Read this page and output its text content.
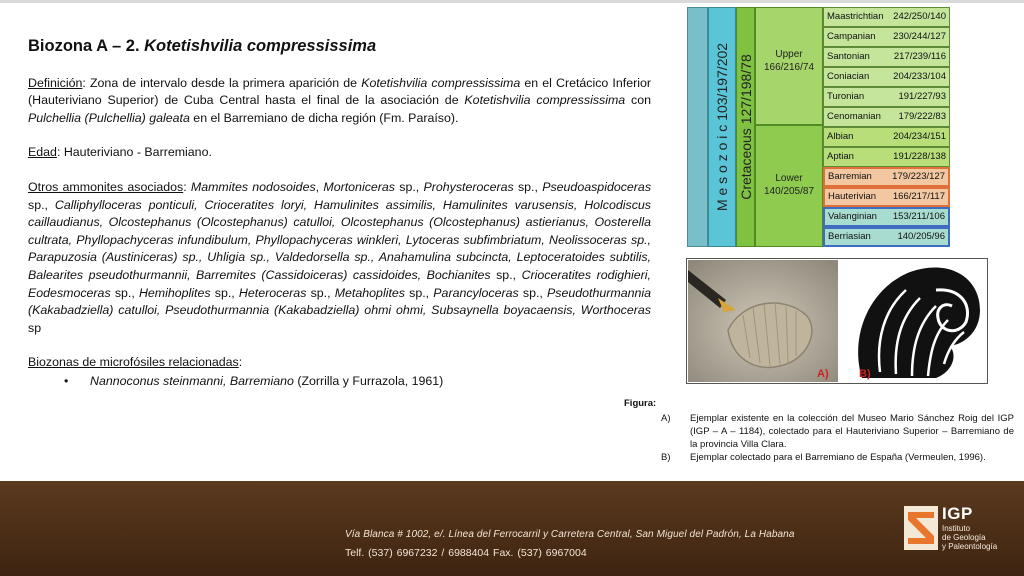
Biozona A – 2. Kotetishvilia compressissima

Definición: Zona de intervalo desde la primera aparición de Kotetishvilia compressissima en el Cretácico Inferior (Hauteriviano Superior) de Cuba Central hasta el final de la asociación de Kotetishvilia compressissima con Pulchellia (Pulchellia) galeata en el Barremiano de dicha región (Fm. Paraíso).

Edad: Hauteriviano - Barremiano.

Otros ammonites asociados: Mammites nodosoides, Mortoniceras sp., Prohysteroceras sp., Pseudoaspidoceras sp., Calliphylloceras ponticuli, Crioceratites loryi, Hamulinites assimilis, Hamulinites varusensis, Holcodiscus caillaudianus, Olcostephanus (Olcostephanus) catulloi, Olcostephanus (Olcostephanus) astierianus, Oosterella cultrata, Phyllopachyceras infundibulum, Phyllopachyceras winkleri, Lytoceras subfimbriatum, Neolissoceras sp., Parapuzosia (Austiniceras) sp., Uhligia sp., Valdedorsella sp., Anahamulina subcincta, Leptoceratoides subtilis, Balearites pseudothurmannii, Barremites (Cassidoiceras) cassidoides, Bochianites sp., Crioceratites rodighieri, Eodesmoceras sp., Hemihoplites sp., Heteroceras sp., Metahoplites sp., Parancyloceras sp., Pseudothurmannia (Kakabadziella) catulloi, Pseudothurmannia (Kakabadziella) ohmi ohmi, Subsaynella boyacaensis, Worthoceras sp

Biozonas de microfósiles relacionadas:

• Nannoconus steinmanni, Barremiano (Zorrilla y Furrazola, 1961)
M e s o z o i c 103/197/202 Cretaceous 127/198/78	Upper
166/216/74
Lower
140/205/87
Maastrichtian 242/250/140
Campanian 230/244/127
Santonian	217/239/116
Coniacian	204/233/104
Turonian	191/227/93
Cenomanian 179/222/83
Albian	204/234/151
Aptian	191/228/138
Barremian 179/223/127
Hauterivian 166/217/117
Valanginian 153/211/106
Berriasian	140/205/96
A)	B)
Figura:
A) Ejemplar existente en la colección del Museo Mario Sánchez Roig del IGP (IGP – A – 1184), colectado para el Hauteriviano Superior – Barremiano de la provincia Villa Clara.
B) Ejemplar colectado para el Barremiano de España (Vermeulen, 1996).
Vía Blanca # 1002, e/. Línea del Ferrocarril y Carretera Central, San Miguel del Padrón, La Habana
Telf. (537) 6967232 / 6988404 Fax. (537) 6967004
IGP
Instituto
de Geología
y Paleontología
